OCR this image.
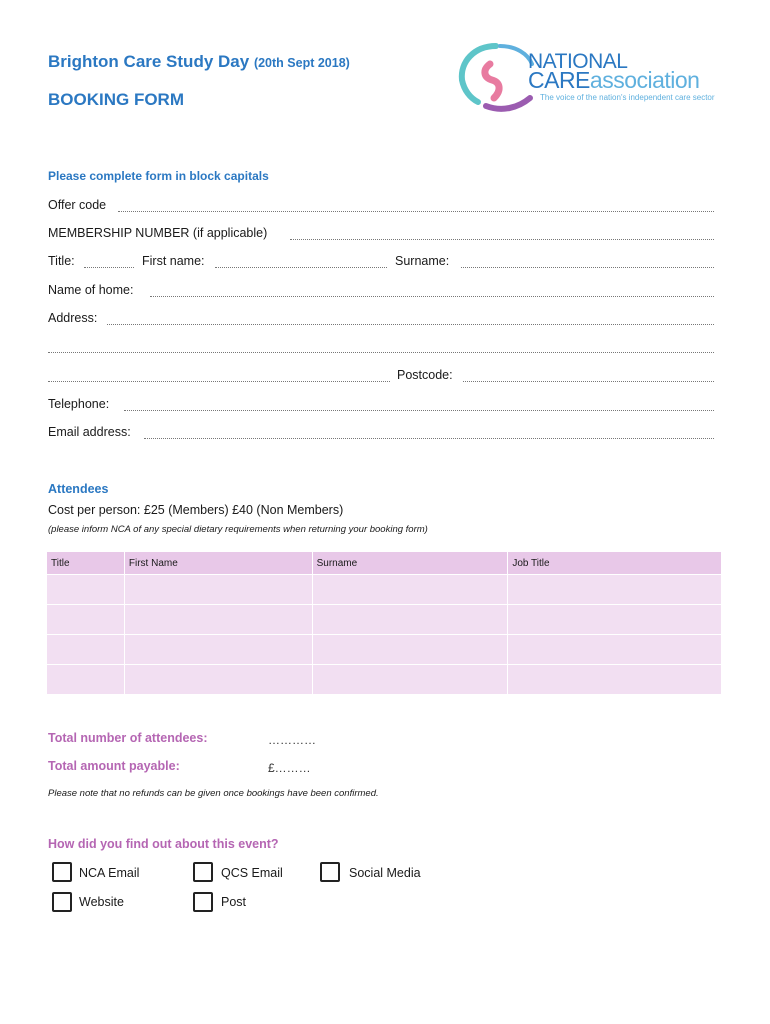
Brighton Care Study Day (20th Sept 2018)
BOOKING FORM
NATIONAL
CAREassociation
The voice of the nation's independent care sector
Please complete form in block capitals
Offer code
MEMBERSHIP NUMBER (if applicable)
Title:	First name:	Surname:
Name of home:
Address:
Postcode:
Telephone:
Email address:
Attendees
Cost per person: £25 (Members) £40 (Non Members)
(please inform NCA of any special dietary requirements when returning your booking form)
Title	First Name	Surname	Job Title

Total number of attendees:	…………
Total amount payable:	£………
Please note that no refunds can be given once bookings have been confirmed.
How did you find out about this event?
NCA Email	QCS Email	Social Media
Website	Post
